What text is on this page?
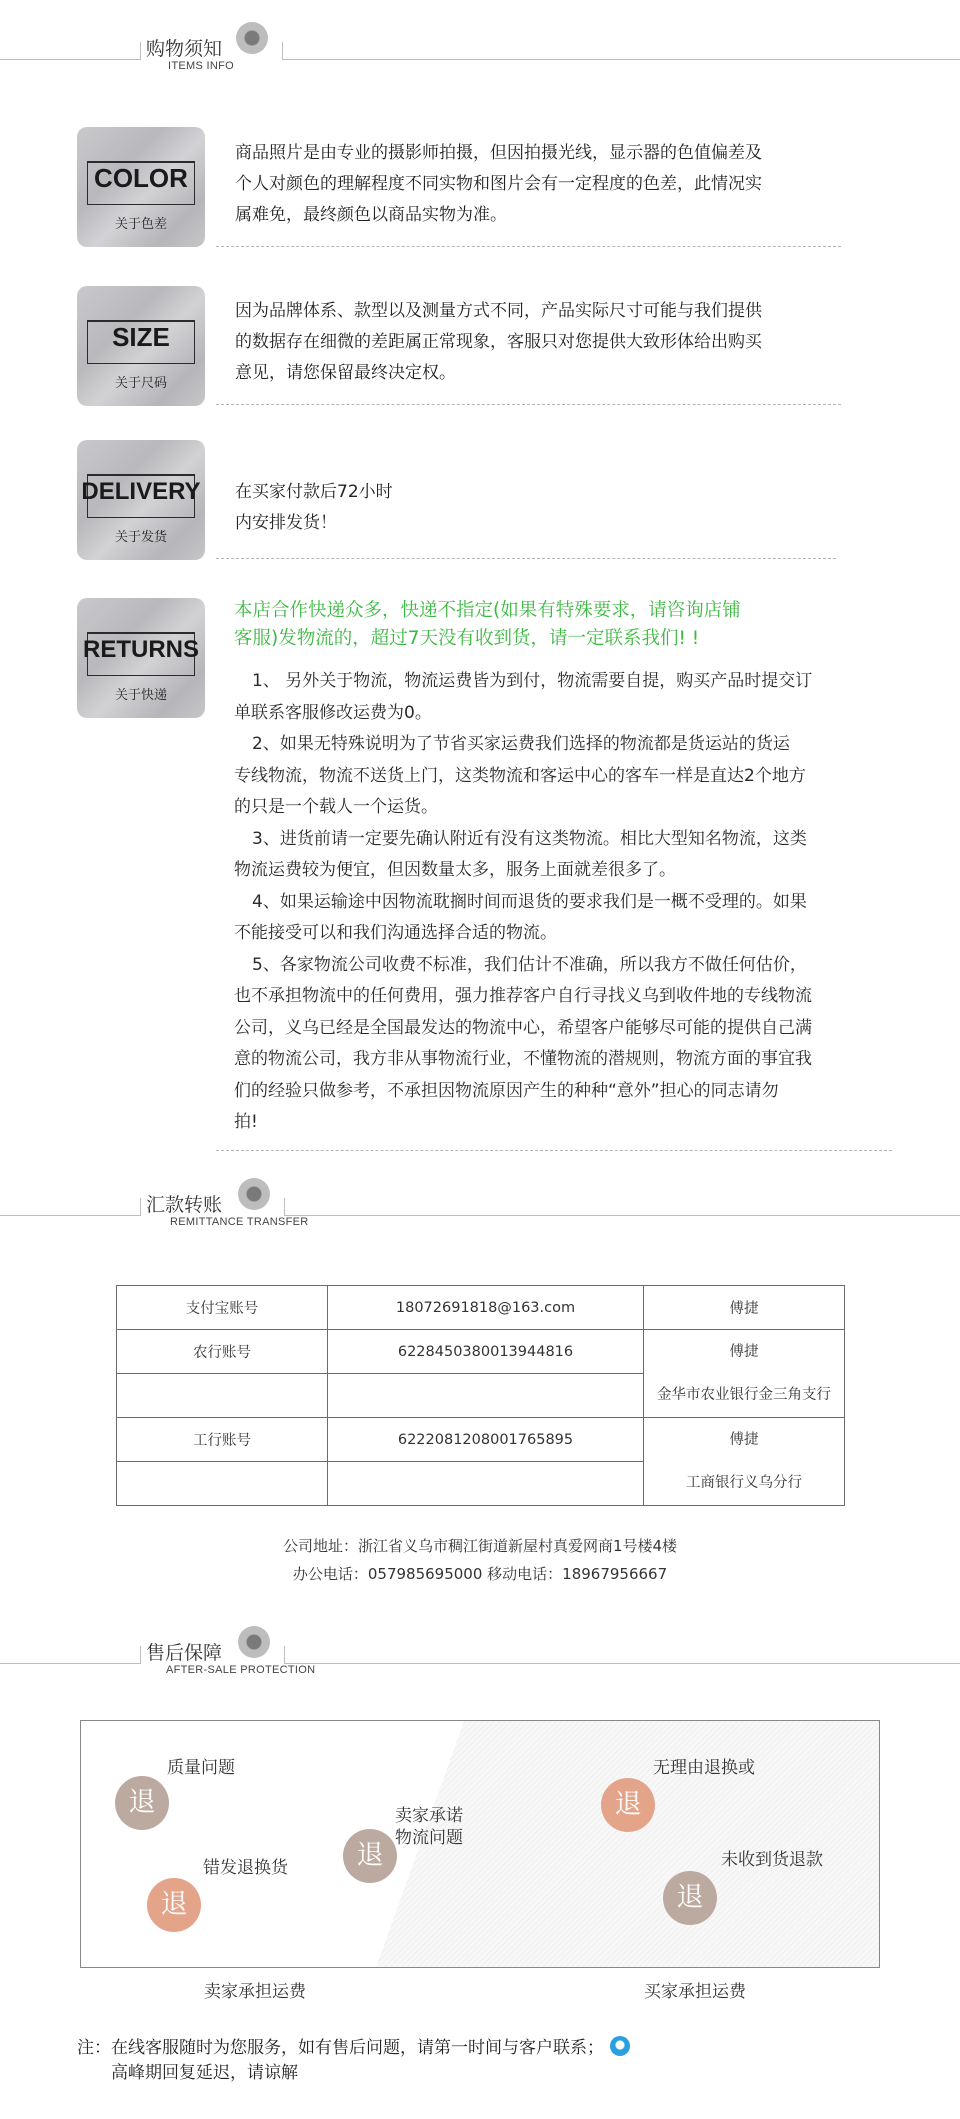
购物须知
ITEMS INFO
COLOR
关于色差
商品照片是由专业的摄影师拍摄，但因拍摄光线，显示器的色值偏差及
个人对颜色的理解程度不同实物和图片会有一定程度的色差，此情况实
属难免，最终颜色以商品实物为准。
SIZE
关于尺码
因为品牌体系、款型以及测量方式不同，产品实际尺寸可能与我们提供
的数据存在细微的差距属正常现象，客服只对您提供大致形体给出购买
意见，请您保留最终决定权。
DELIVERY
关于发货
在买家付款后72小时
内安排发货！
RETURNS
关于快递
本店合作快递众多，快递不指定(如果有特殊要求，请咨询店铺
客服)发物流的，超过7天没有收到货，请一定联系我们! !
1、 另外关于物流，物流运费皆为到付，物流需要自提，购买产品时提交订
单联系客服修改运费为0。
2、如果无特殊说明为了节省买家运费我们选择的物流都是货运站的货运
专线物流，物流不送货上门，这类物流和客运中心的客车一样是直达2个地方
的只是一个载人一个运货。
3、进货前请一定要先确认附近有没有这类物流。相比大型知名物流，这类
物流运费较为便宜，但因数量太多，服务上面就差很多了。
4、如果运输途中因物流耽搁时间而退货的要求我们是一概不受理的。如果
不能接受可以和我们沟通选择合适的物流。
5、各家物流公司收费不标准，我们估计不准确，所以我方不做任何估价，
也不承担物流中的任何费用，强力推荐客户自行寻找义乌到收件地的专线物流
公司，义乌已经是全国最发达的物流中心，希望客户能够尽可能的提供自己满
意的物流公司，我方非从事物流行业，不懂物流的潜规则，物流方面的事宜我
们的经验只做参考，不承担因物流原因产生的种种“意外”担心的同志请勿
拍!
汇款转账
REMITTANCE TRANSFER
支付宝账号	18072691818@163.com	傅捷
农行账号	6228450380013944816	傅捷
金华市农业银行金三角支行

工行账号	6222081208001765895	傅捷
工商银行义乌分行

公司地址：浙江省义乌市稠江街道新屋村真爱网商1号楼4楼
办公电话：057985695000 移动电话：18967956667
售后保障
AFTER-SALE PROTECTION
退
质量问题
退
错发退换货	退
卖家承诺
物流问题
退
无理由退换或
退
未收到货退款
卖家承担运费	买家承担运费
注：在线客服随时为您服务，如有售后问题，请第一时间与客户联系；
高峰期回复延迟，请谅解
